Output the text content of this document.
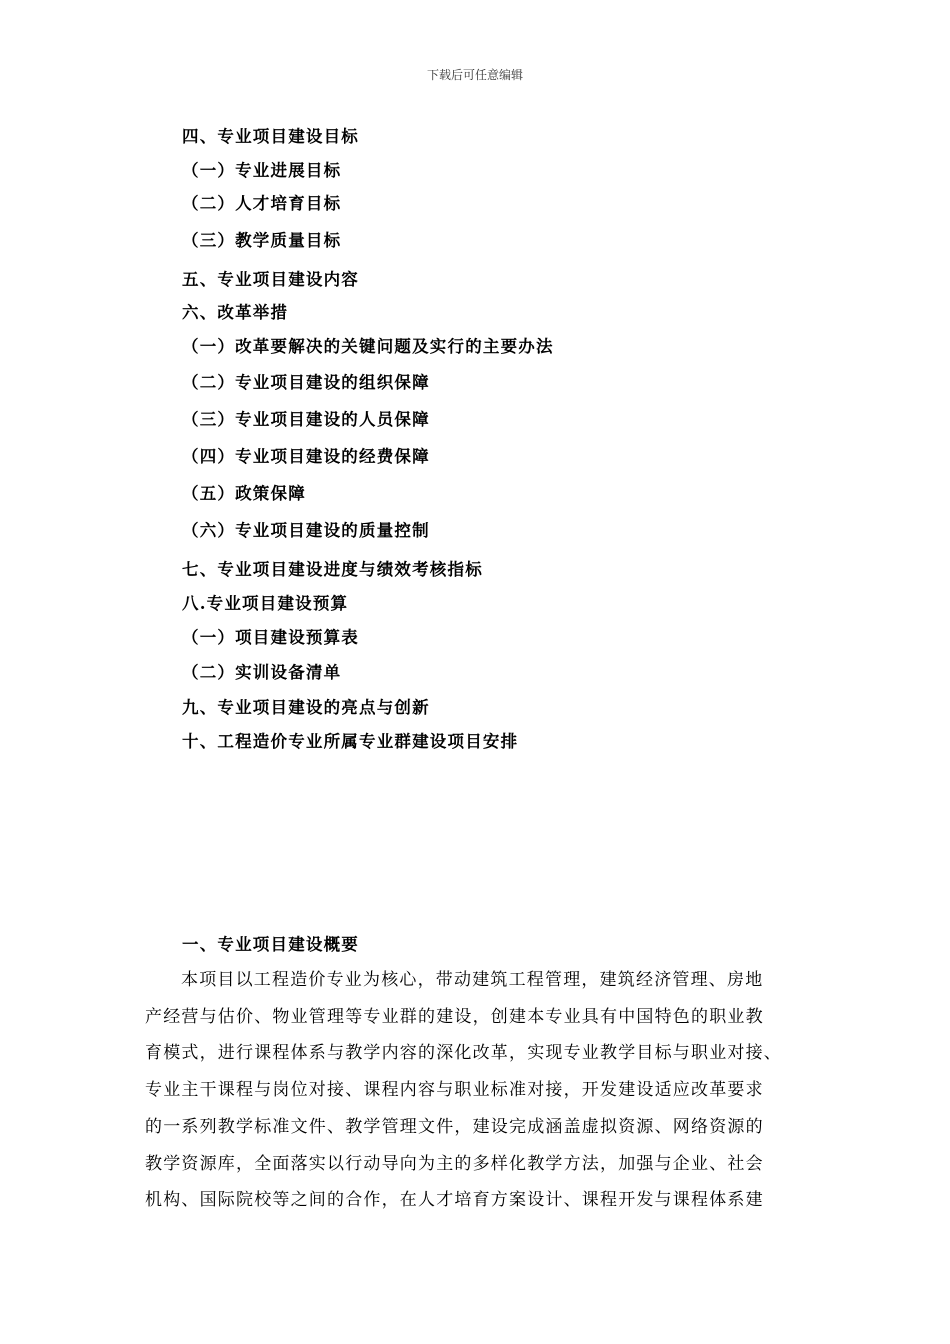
下载后可任意编辑
四、专业项目建设目标
（一）专业进展目标
（二）人才培育目标
（三）教学质量目标
五、专业项目建设内容
六、改革举措
（一）改革要解决的关键问题及实行的主要办法
（二）专业项目建设的组织保障
（三）专业项目建设的人员保障
（四）专业项目建设的经费保障
（五）政策保障
（六）专业项目建设的质量控制
七、专业项目建设进度与绩效考核指标
八.专业项目建设预算
（一）项目建设预算表
（二）实训设备清单
九、专业项目建设的亮点与创新
十、工程造价专业所属专业群建设项目安排
一、专业项目建设概要
本项目以工程造价专业为核心，带动建筑工程管理，建筑经济管理、房地
产经营与估价、物业管理等专业群的建设，创建本专业具有中国特色的职业教
育模式，进行课程体系与教学内容的深化改革，实现专业教学目标与职业对接、
专业主干课程与岗位对接、课程内容与职业标准对接，开发建设适应改革要求
的一系列教学标准文件、教学管理文件，建设完成涵盖虚拟资源、网络资源的
教学资源库，全面落实以行动导向为主的多样化教学方法，加强与企业、社会
机构、国际院校等之间的合作，在人才培育方案设计、课程开发与课程体系建
